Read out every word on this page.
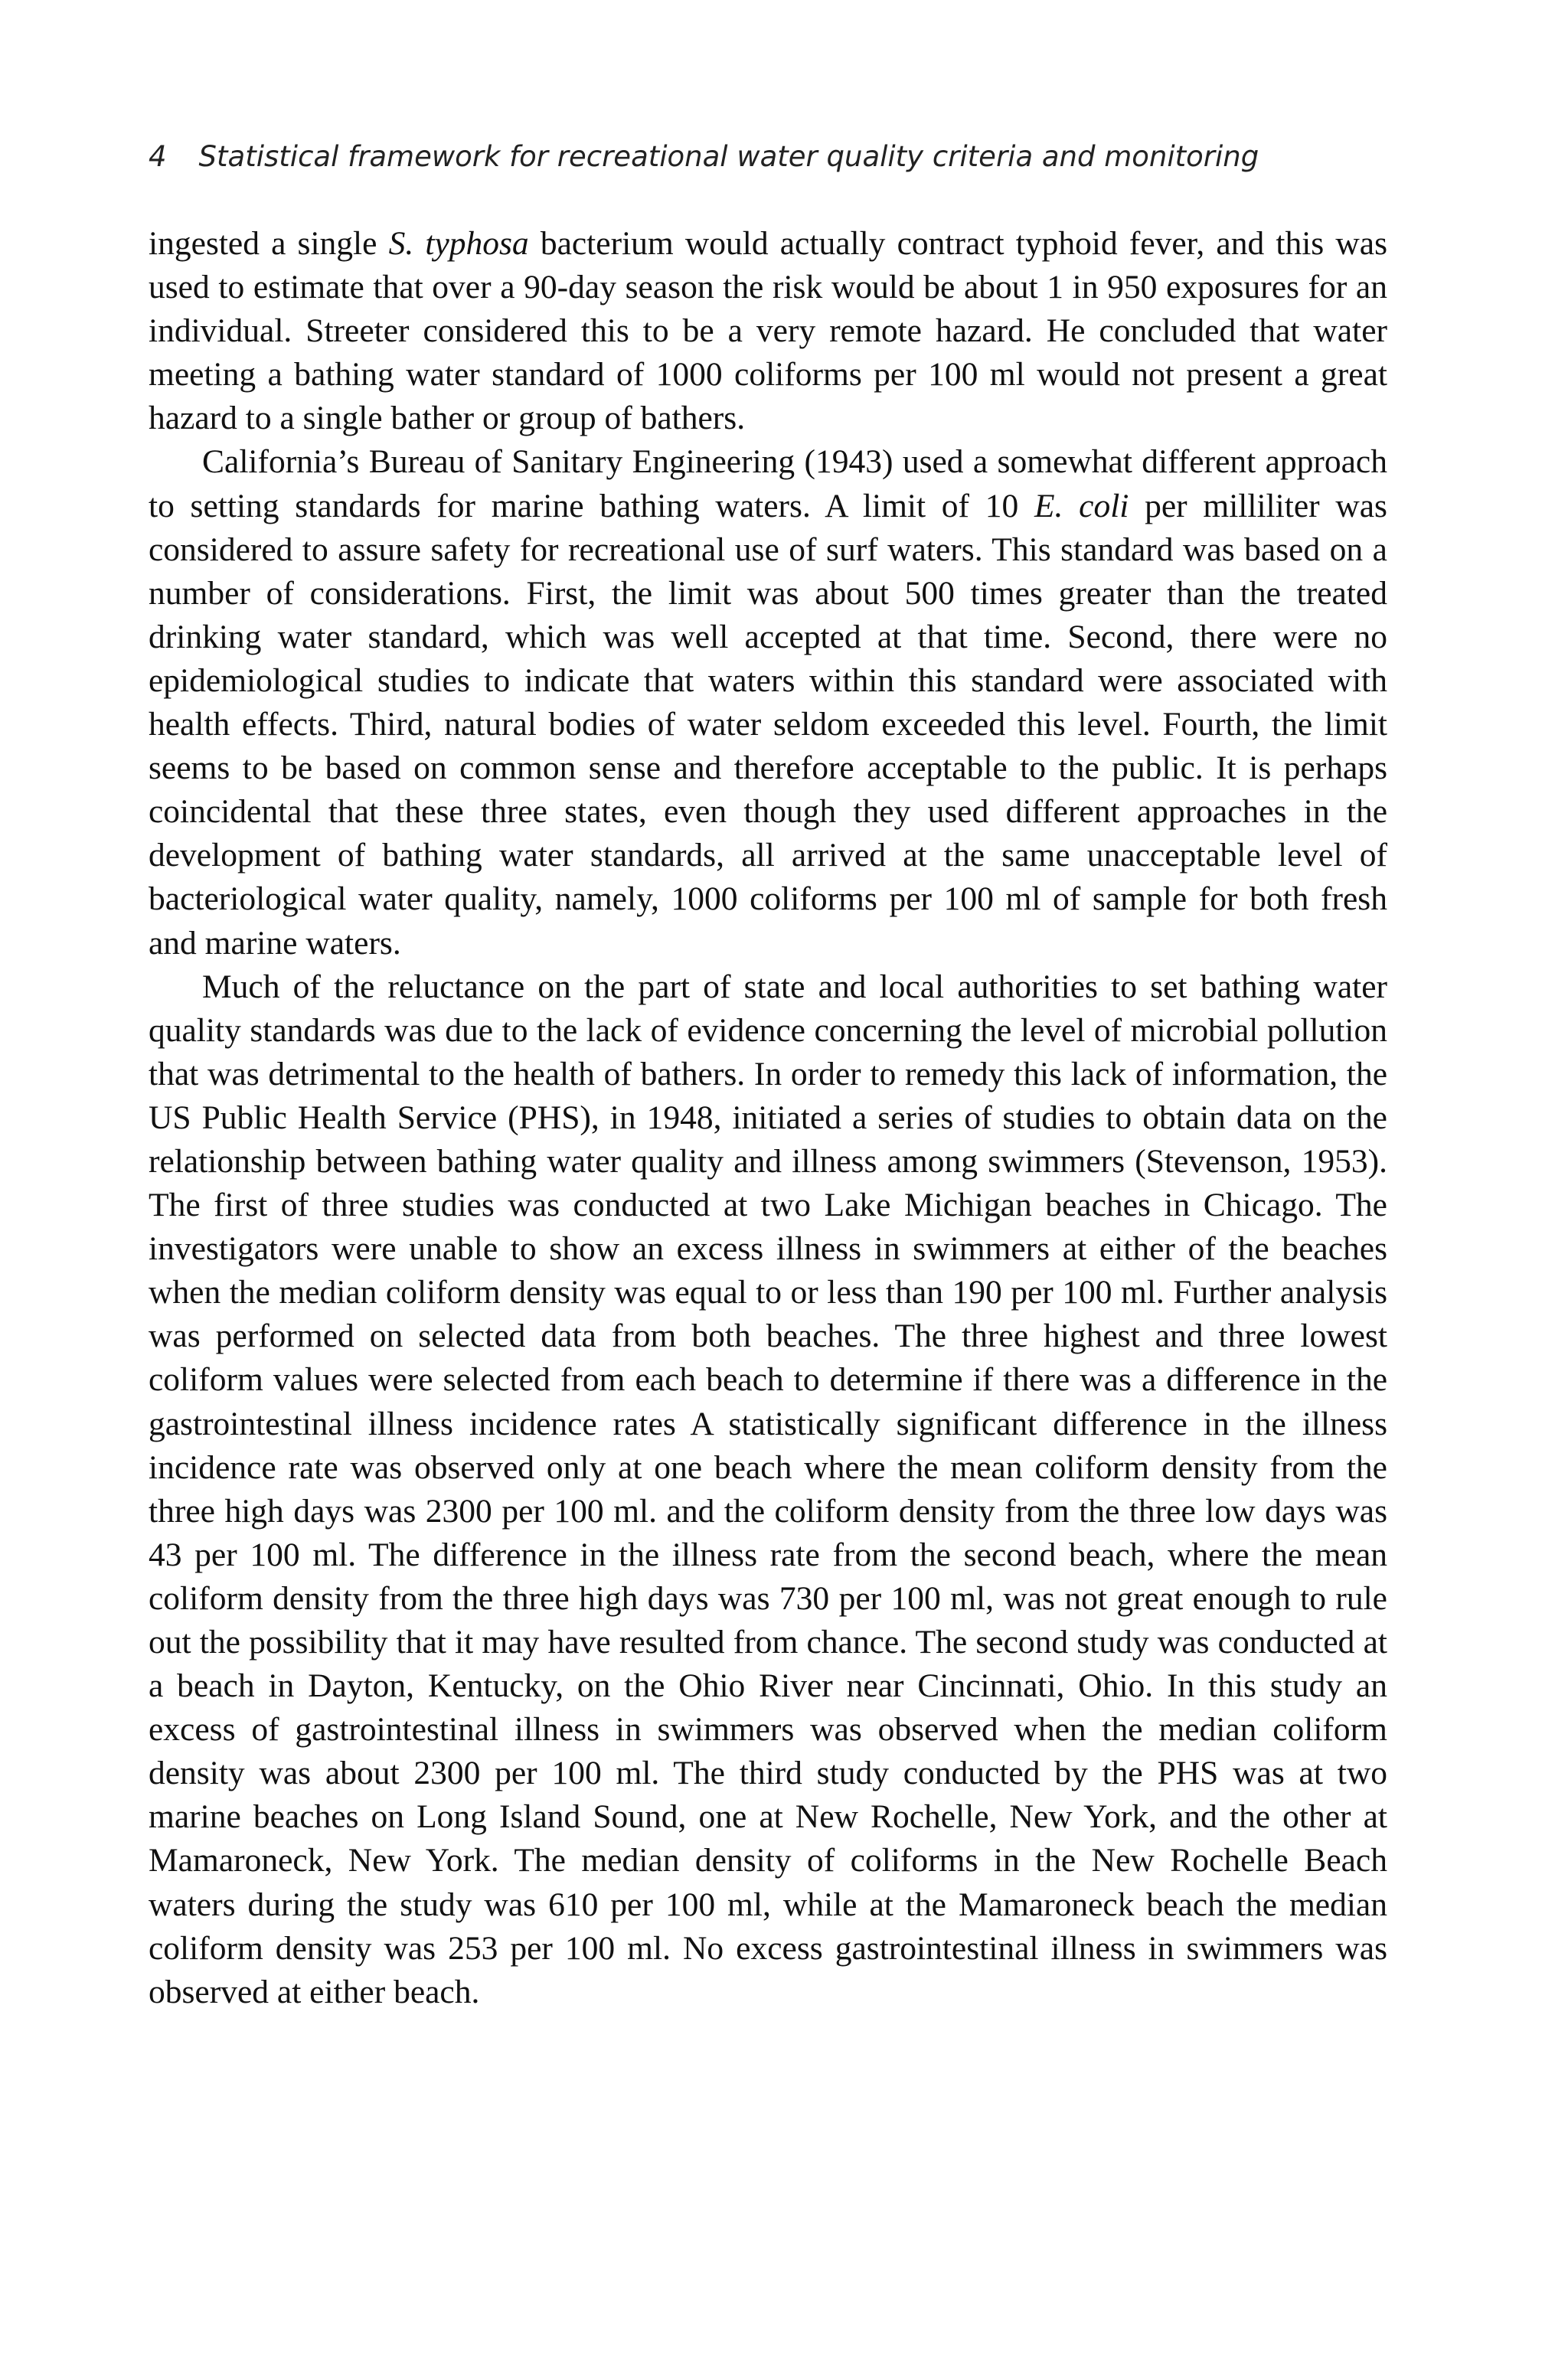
4 Statistical framework for recreational water quality criteria and monitoring

ingested a single S. typhosa bacterium would actually contract typhoid fever, and this was used to estimate that over a 90-day season the risk would be about 1 in 950 exposures for an individual. Streeter considered this to be a very remote hazard. He concluded that water meeting a bathing water standard of 1000 coliforms per 100 ml would not present a great hazard to a single bather or group of bathers.

California’s Bureau of Sanitary Engineering (1943) used a somewhat different approach to setting standards for marine bathing waters. A limit of 10 E. coli per milliliter was considered to assure safety for recreational use of surf waters. This standard was based on a number of considerations. First, the limit was about 500 times greater than the treated drinking water standard, which was well accepted at that time. Second, there were no epidemiological studies to indicate that waters within this standard were associated with health effects. Third, natural bodies of water seldom exceeded this level. Fourth, the limit seems to be based on common sense and therefore acceptable to the public. It is perhaps coincidental that these three states, even though they used different approaches in the development of bathing water standards, all arrived at the same unacceptable level of bacteriological water quality, namely, 1000 coliforms per 100 ml of sample for both fresh and marine waters.

Much of the reluctance on the part of state and local authorities to set bathing water quality standards was due to the lack of evidence concerning the level of microbial pollution that was detrimental to the health of bathers. In order to remedy this lack of information, the US Public Health Service (PHS), in 1948, initiated a series of studies to obtain data on the relationship between bathing water quality and illness among swimmers (Stevenson, 1953). The first of three studies was conducted at two Lake Michigan beaches in Chicago. The investigators were unable to show an excess illness in swimmers at either of the beaches when the median coliform density was equal to or less than 190 per 100 ml. Further analysis was performed on selected data from both beaches. The three highest and three lowest coliform values were selected from each beach to determine if there was a difference in the gastrointestinal illness incidence rates A statistically significant difference in the illness incidence rate was observed only at one beach where the mean coliform density from the three high days was 2300 per 100 ml. and the coliform density from the three low days was 43 per 100 ml. The difference in the illness rate from the second beach, where the mean coliform density from the three high days was 730 per 100 ml, was not great enough to rule out the possibility that it may have resulted from chance. The second study was conducted at a beach in Dayton, Kentucky, on the Ohio River near Cincinnati, Ohio. In this study an excess of gastrointestinal illness in swimmers was observed when the median coliform density was about 2300 per 100 ml. The third study conducted by the PHS was at two marine beaches on Long Island Sound, one at New Rochelle, New York, and the other at Mamaroneck, New York. The median density of coliforms in the New Rochelle Beach waters during the study was 610 per 100 ml, while at the Mamaroneck beach the median coliform density was 253 per 100 ml. No excess gastrointestinal illness in swimmers was observed at either beach.
